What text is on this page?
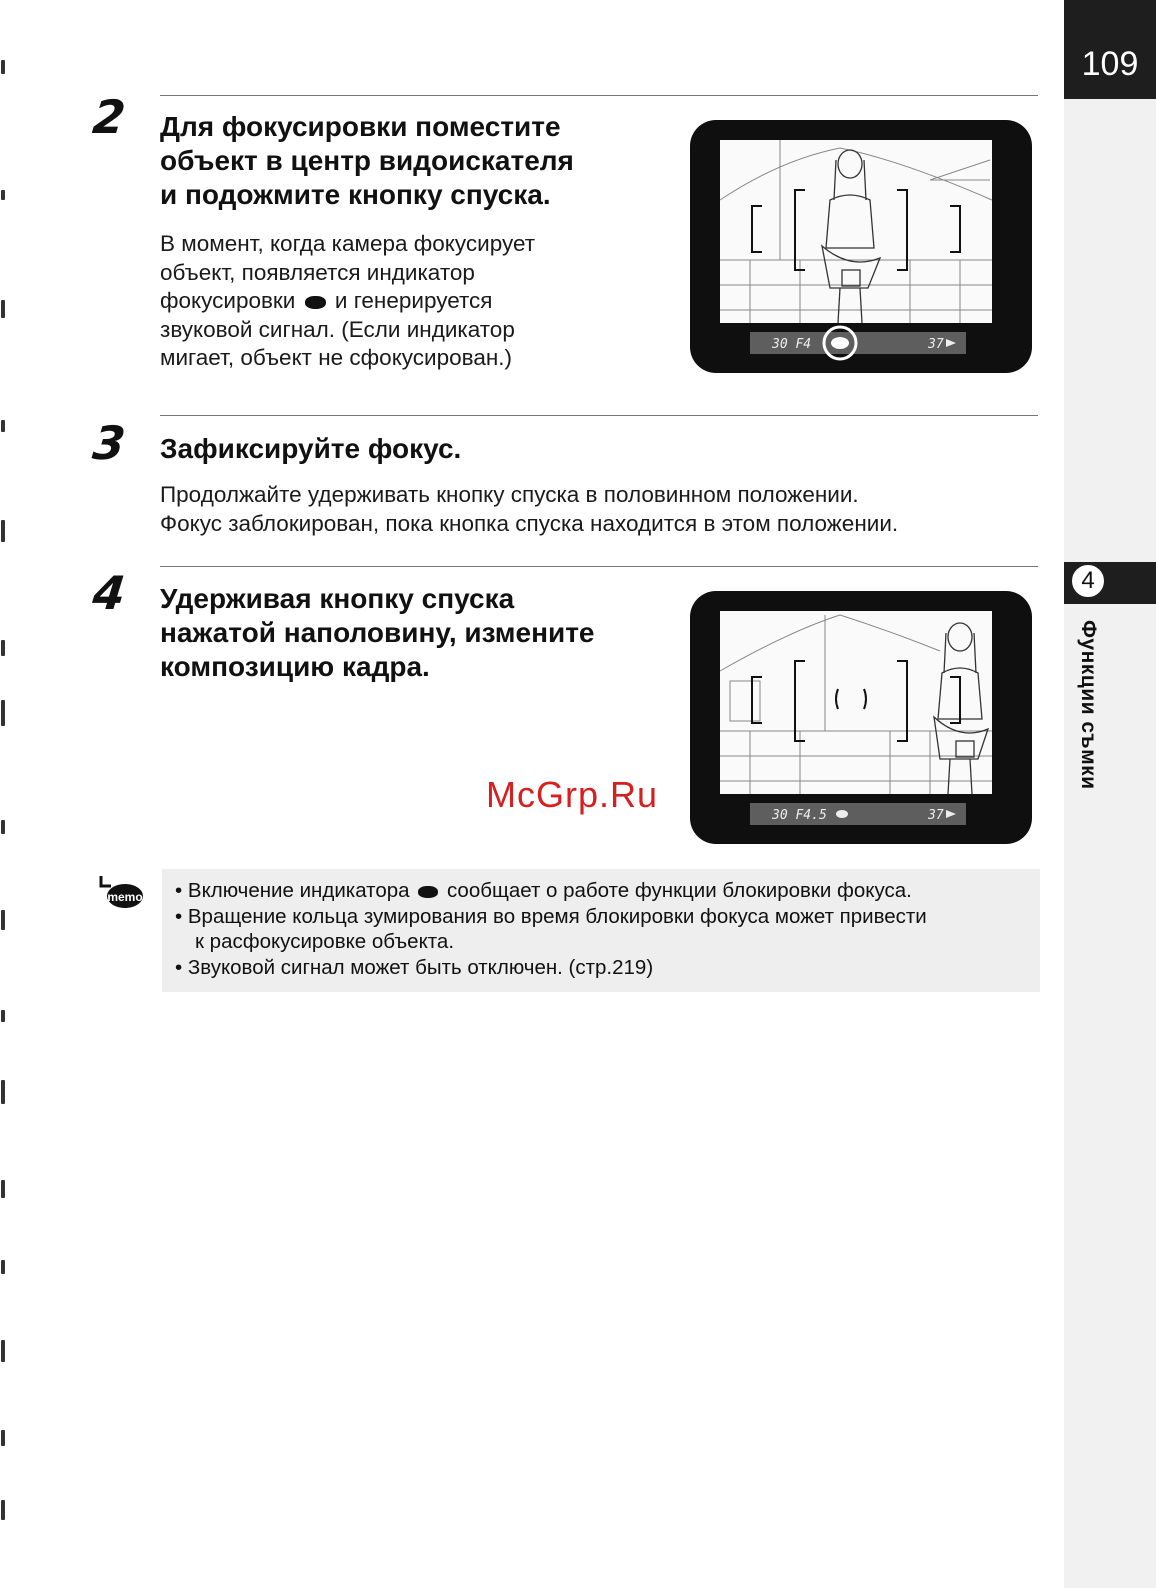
109
4
Функции съмки
2 Для фокусировки поместите
объект в центр видоискателя
и подожмите кнопку спуска.
В момент, когда камера фокусирует
объект, появляется индикатор
фокусировки и генерируется
звуковой сигнал. (Если индикатор
мигает, объект не сфокусирован.)
30 F4	37
3 Зафиксируйте фокус.
Продолжайте удерживать кнопку спуска в половинном положении.
Фокус заблокирован, пока кнопка спуска находится в этом положении.
4 Удерживая кнопку спуска
нажатой наполовину, измените
композицию кадра.
30 F4.5	37
McGrp.Ru
memo • Включение индикатора сообщает о работе функции блокировки фокуса.
• Вращение кольца зумирования во время блокировки фокуса может привести
к расфокусировке объекта.
• Звуковой сигнал может быть отключен. (стр.219)
